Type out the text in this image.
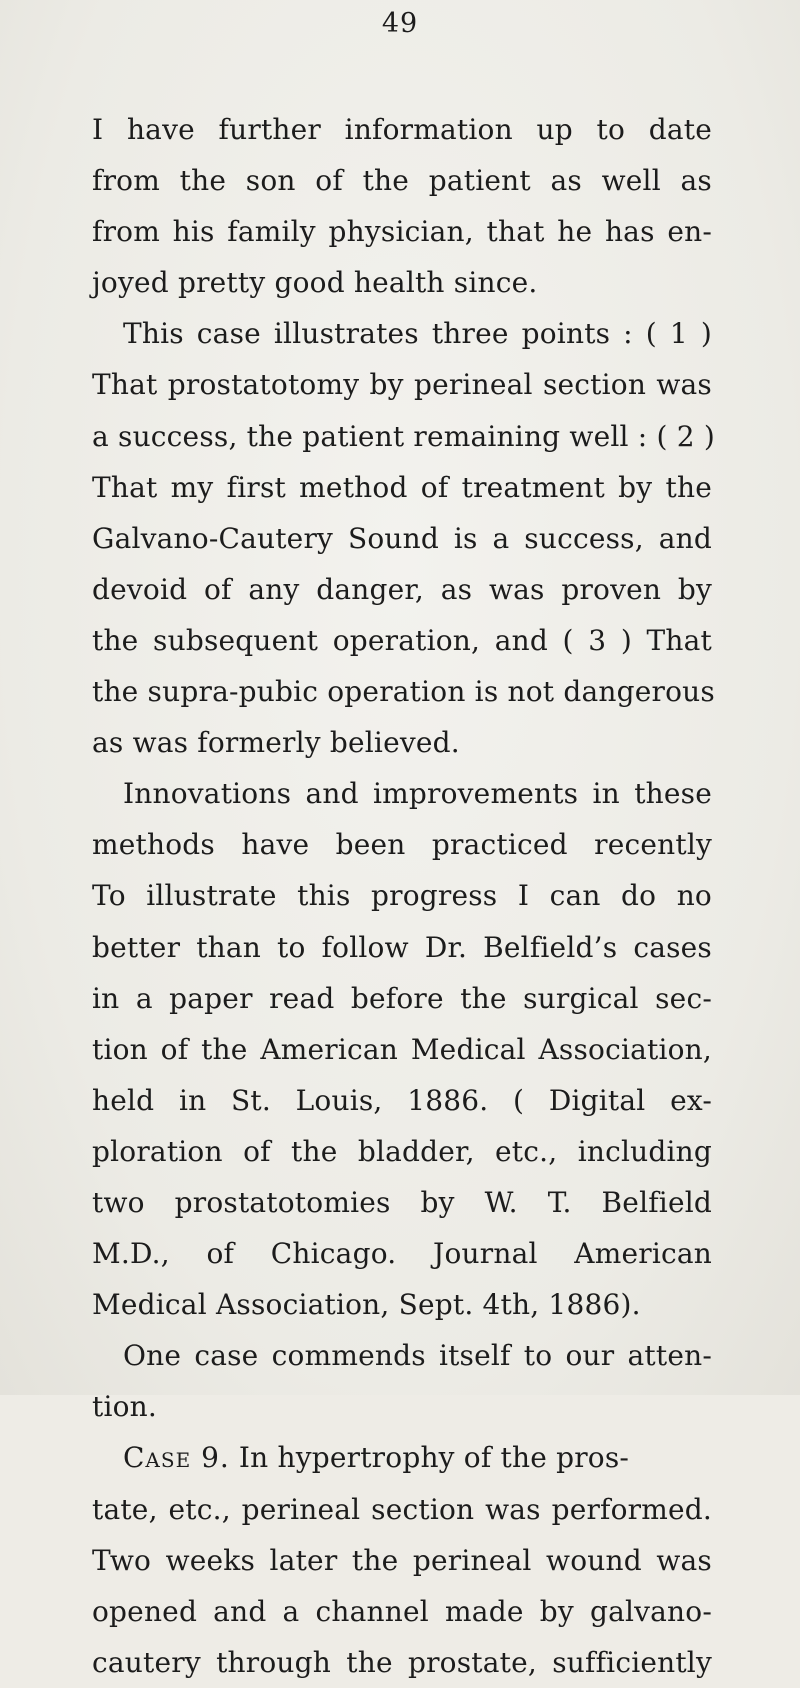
49
I have further information up to date
from the son of the patient as well as
from his family physician, that he has en-
joyed pretty good health since.
This case illustrates three points : ( 1 )
That prostatotomy by perineal section was
a success, the patient remaining well : ( 2 )
That my first method of treatment by the
Galvano-Cautery Sound is a success, and
devoid of any danger, as was proven by
the subsequent operation, and ( 3 ) That
the supra-pubic operation is not dangerous
as was formerly believed.
Innovations and improvements in these
methods have been practiced recently
To illustrate this progress I can do no
better than to follow Dr. Belfield’s cases
in a paper read before the surgical sec-
tion of the American Medical Association,
held in St. Louis, 1886. ( Digital ex-
ploration of the bladder, etc., including
two prostatotomies by W. T. Belfield
M.D., of Chicago. Journal American
Medical Association, Sept. 4th, 1886).
One case commends itself to our atten-
tion.
Case 9. In hypertrophy of the pros-
tate, etc., perineal section was performed.
Two weeks later the perineal wound was
opened and a channel made by galvano-
cautery through the prostate, sufficiently
